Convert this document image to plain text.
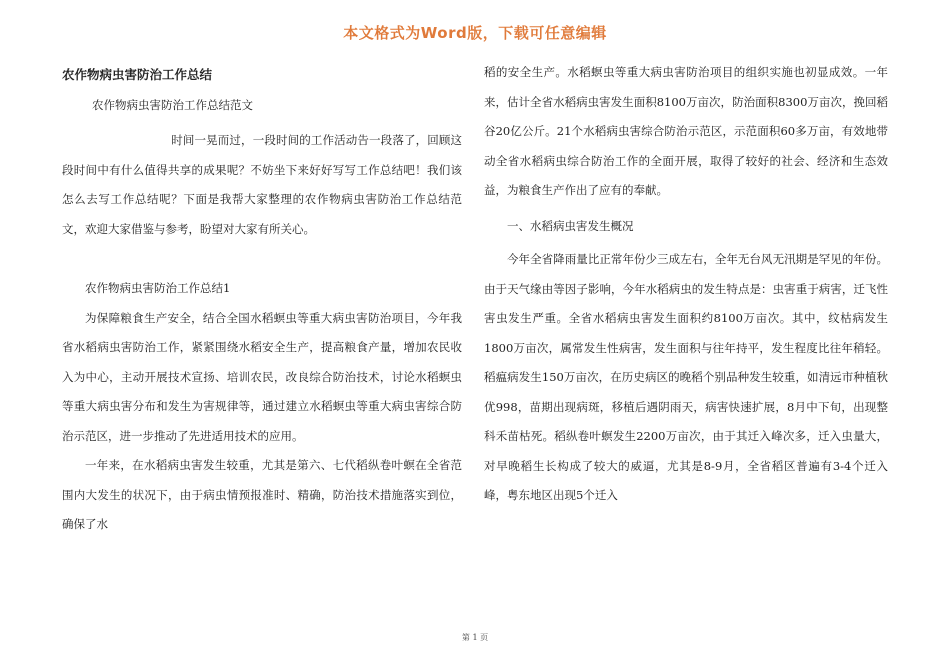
本文格式为Word版，下载可任意编辑

农作物病虫害防治工作总结

农作物病虫害防治工作总结范文

时间一晃而过，一段时间的工作活动告一段落了，回顾这段时间中有什么值得共享的成果呢？不妨坐下来好好写写工作总结吧！我们该怎么去写工作总结呢？下面是我帮大家整理的农作物病虫害防治工作总结范文，欢迎大家借鉴与参考，盼望对大家有所关心。

农作物病虫害防治工作总结1

为保障粮食生产安全，结合全国水稻螟虫等重大病虫害防治项目，今年我省水稻病虫害防治工作，紧紧围绕水稻安全生产，提高粮食产量，增加农民收入为中心，主动开展技术宣扬、培训农民，改良综合防治技术，讨论水稻螟虫等重大病虫害分布和发生为害规律等，通过建立水稻螟虫等重大病虫害综合防治示范区，进一步推动了先进适用技术的应用。

一年来，在水稻病虫害发生较重，尤其是第六、七代稻纵卷叶螟在全省范围内大发生的状况下，由于病虫情预报准时、精确，防治技术措施落实到位，确保了水

稻的安全生产。水稻螟虫等重大病虫害防治项目的组织实施也初显成效。一年来，估计全省水稻病虫害发生面积8100万亩次，防治面积8300万亩次，挽回稻谷20亿公斤。21个水稻病虫害综合防治示范区，示范面积60多万亩，有效地带动全省水稻病虫综合防治工作的全面开展，取得了较好的社会、经济和生态效益，为粮食生产作出了应有的奉献。

一、水稻病虫害发生概况

今年全省降雨量比正常年份少三成左右，全年无台风无汛期是罕见的年份。由于天气缘由等因子影响，今年水稻病虫的发生特点是：虫害重于病害，迁飞性害虫发生严重。全省水稻病虫害发生面积约8100万亩次。其中，纹枯病发生1800万亩次，属常发生性病害，发生面积与往年持平，发生程度比往年稍轻。稻瘟病发生150万亩次，在历史病区的晚稻个别品种发生较重，如清远市种植秋优998，苗期出现病斑，移植后遇阴雨天，病害快速扩展，8月中下旬，出现整科禾苗枯死。稻纵卷叶螟发生2200万亩次，由于其迁入峰次多，迁入虫量大，对早晚稻生长构成了较大的威逼，尤其是8-9月，全省稻区普遍有3-4个迁入峰，粤东地区出现5个迁入

第 1 页
